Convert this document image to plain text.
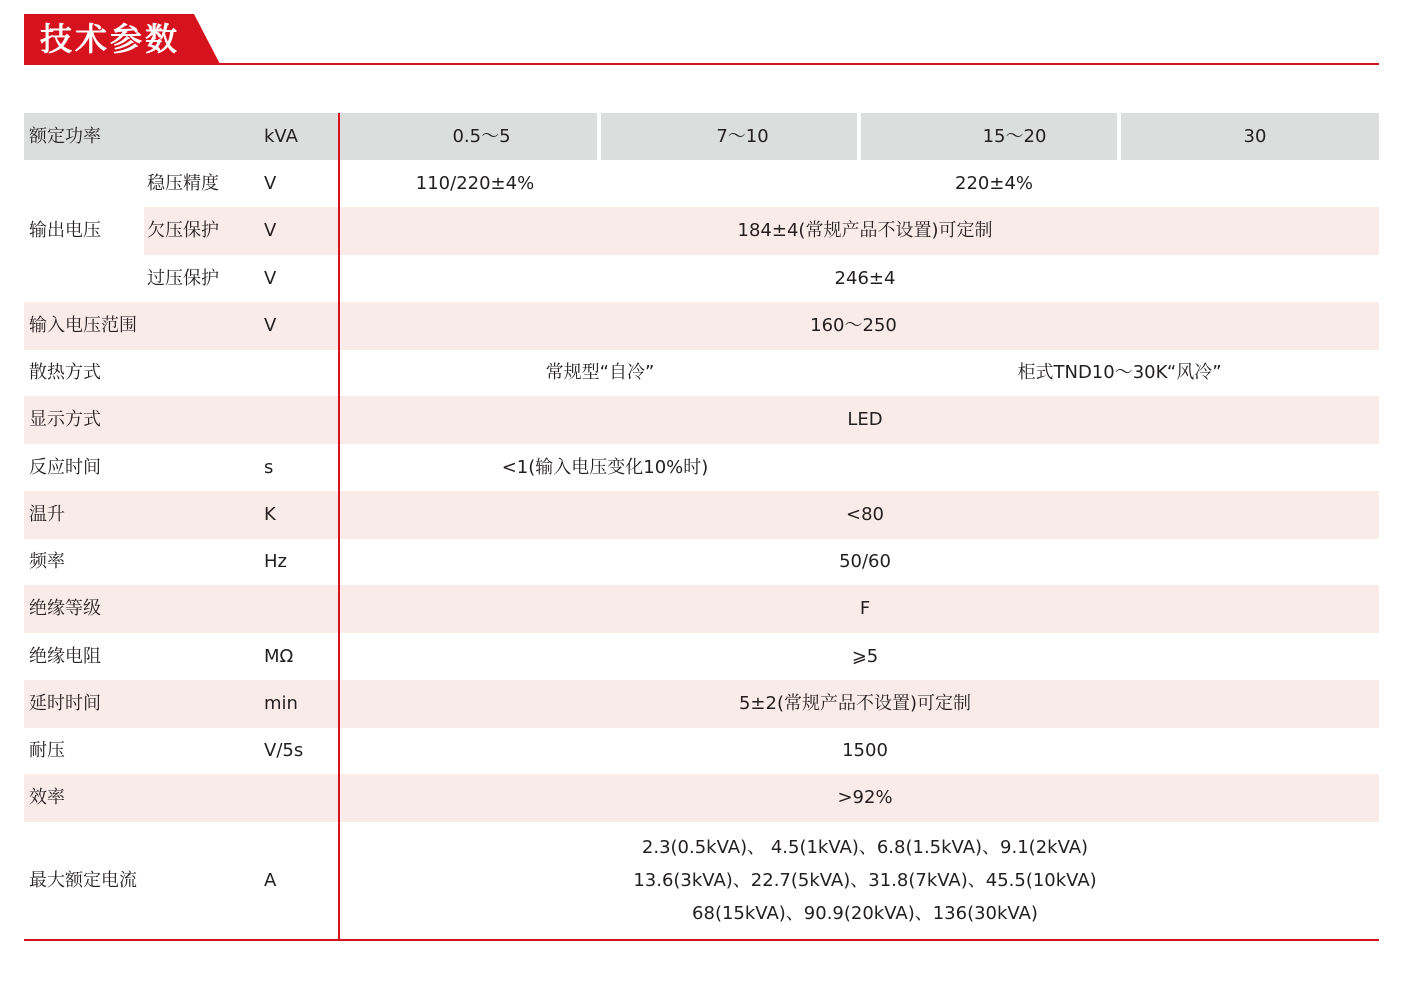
技术参数
额定功率	kVA	0.5～5	7～10	15～20	30
输出电压
稳压精度	V	110/220±4%	220±4%
欠压保护	V	184±4(常规产品不设置)可定制
过压保护	V	246±4
输入电压范围	V	160～250
散热方式	常规型“自冷”	柜式TND10～30K“风冷”
显示方式	LED
反应时间	s	<1(输入电压变化10%时)
温升	K	<80
频率	Hz	50/60
绝缘等级	F
绝缘电阻	MΩ	⩾5
延时时间	min	5±2(常规产品不设置)可定制
耐压	V/5s	1500
效率	>92%
最大额定电流	A
2.3(0.5kVA)、 4.5(1kVA)、6.8(1.5kVA)、9.1(2kVA)
13.6(3kVA)、22.7(5kVA)、31.8(7kVA)、45.5(10kVA)
68(15kVA)、90.9(20kVA)、136(30kVA)
